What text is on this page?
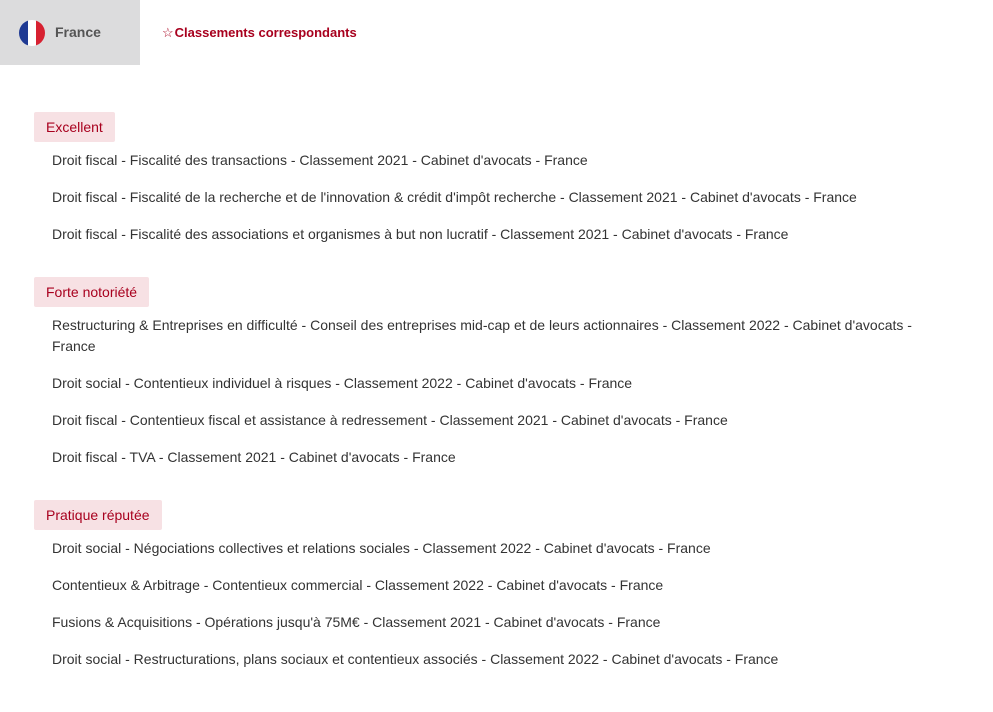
France	☆Classements correspondants
Excellent
Droit fiscal - Fiscalité des transactions - Classement 2021 - Cabinet d'avocats - France
Droit fiscal - Fiscalité de la recherche et de l'innovation & crédit d'impôt recherche - Classement 2021 - Cabinet d'avocats - France
Droit fiscal - Fiscalité des associations et organismes à but non lucratif - Classement 2021 - Cabinet d'avocats - France
Forte notoriété
Restructuring & Entreprises en difficulté - Conseil des entreprises mid-cap et de leurs actionnaires - Classement 2022 - Cabinet d'avocats - France
Droit social - Contentieux individuel à risques - Classement 2022 - Cabinet d'avocats - France
Droit fiscal - Contentieux fiscal et assistance à redressement - Classement 2021 - Cabinet d'avocats - France
Droit fiscal - TVA - Classement 2021 - Cabinet d'avocats - France
Pratique réputée
Droit social - Négociations collectives et relations sociales - Classement 2022 - Cabinet d'avocats - France
Contentieux & Arbitrage - Contentieux commercial - Classement 2022 - Cabinet d'avocats - France
Fusions & Acquisitions - Opérations jusqu'à 75M€ - Classement 2021 - Cabinet d'avocats - France
Droit social - Restructurations, plans sociaux et contentieux associés - Classement 2022 - Cabinet d'avocats - France
